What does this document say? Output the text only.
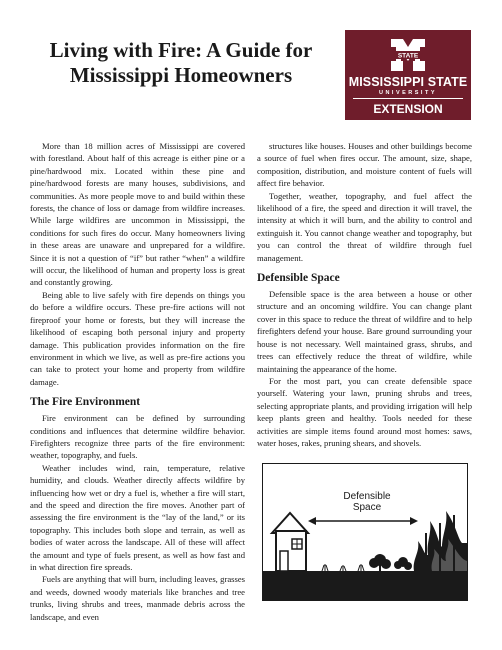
Living with Fire: A Guide for Mississippi Homeowners
STATE
MISSISSIPPI STATE
UNIVERSITY
EXTENSION

More than 18 million acres of Mississippi are covered with forestland. About half of this acreage is either pine or a pine/hardwood mix. Located within these pine and pine/hardwood forests are many houses, subdivisions, and communities. As more people move to and build within these forests, the chance of loss or damage from wildfire increases. While large wildfires are uncommon in Mississippi, the conditions for such fires do occur. Many homeowners living in these areas are unaware and unprepared for a wildfire. Since it is not a question of “if” but rather “when” a wildfire will occur, the likelihood of human and property loss is great and constantly growing.

Being able to live safely with fire depends on things you do before a wildfire occurs. These pre-fire actions will not fireproof your home or forests, but they will increase the likelihood of escaping both personal injury and property damage. This publication provides information on the fire environment in which we live, as well as pre-fire actions you can take to protect your home and property from wildfire damage.

The Fire Environment

Fire environment can be defined by surrounding conditions and influences that determine wildfire behavior. Firefighters recognize three parts of the fire environment: weather, topography, and fuels.

Weather includes wind, rain, temperature, relative humidity, and clouds. Weather directly affects wildfire by influencing how wet or dry a fuel is, whether a fire will start, and the speed and direction the fire moves. Another part of assessing the fire environment is the “lay of the land,” or its topography. This includes both slope and terrain, as well as bodies of water across the landscape. All of these will affect the amount and type of fuels present, as well as how fast and in what direction fire spreads.

Fuels are anything that will burn, including leaves, grasses and weeds, downed woody materials like branches and tree trunks, living shrubs and trees, manmade debris across the landscape, and even

structures like houses. Houses and other buildings become a source of fuel when fires occur. The amount, size, shape, composition, distribution, and moisture content of fuels will affect fire behavior.

Together, weather, topography, and fuel affect the likelihood of a fire, the speed and direction it will travel, the intensity at which it will burn, and the ability to control and extinguish it. You cannot change weather and topography, but you can control the threat of wildfire through fuel management.

Defensible Space

Defensible space is the area between a house or other structure and an oncoming wildfire. You can change plant cover in this space to reduce the threat of wildfire and to help firefighters defend your house. Bare ground surrounding your house is not necessary. Well maintained grass, shrubs, and trees can effectively reduce the threat of wildfire, while maintaining the appearance of the home.

For the most part, you can create defensible space yourself. Watering your lawn, pruning shrubs and trees, selecting appropriate plants, and providing irrigation will help keep plants green and healthy. Tools needed for these activities are simple items found around most homes: saws, water hoses, rakes, pruning shears, and shovels.

Defensible Space
